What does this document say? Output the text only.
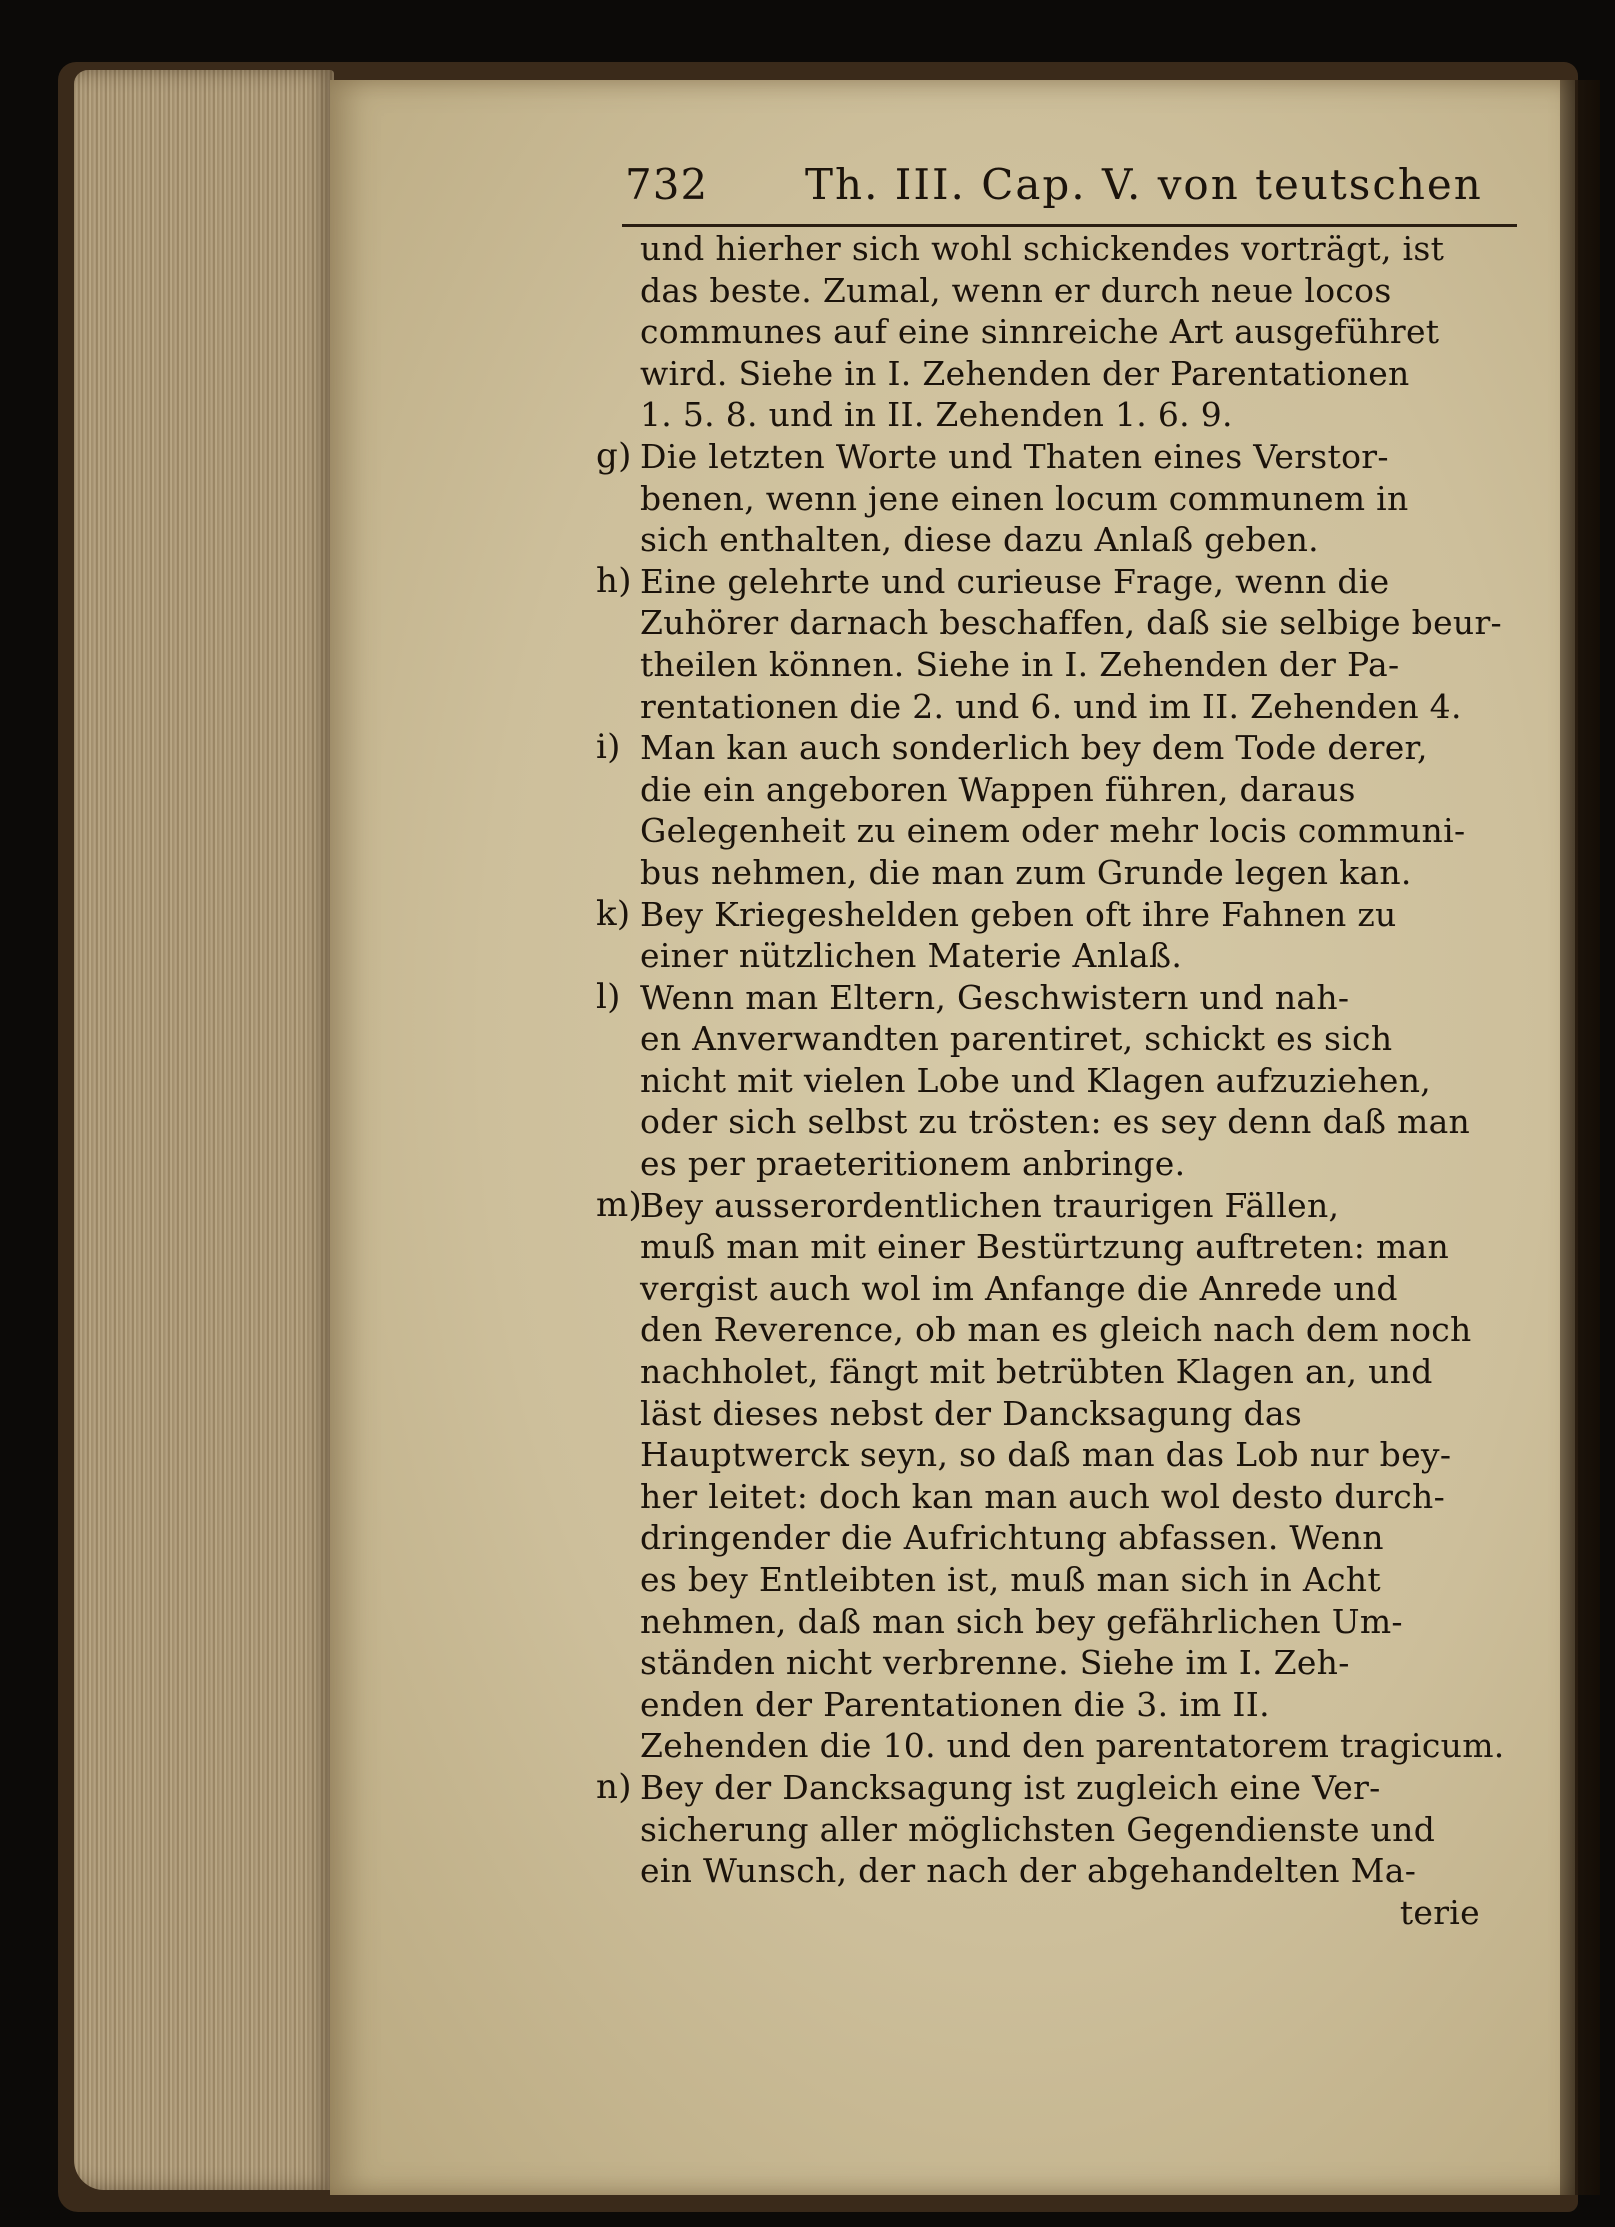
732 Th. III. Cap. V. von teutschen
und hierher sich wohl schickendes vorträgt, ist
das beste. Zumal, wenn er durch neue locos
communes auf eine sinnreiche Art ausgeführet
wird. Siehe in I. Zehenden der Parentationen
1. 5. 8. und in II. Zehenden 1. 6. 9.
g) Die letzten Worte und Thaten eines Verstor-
benen, wenn jene einen locum communem in
sich enthalten, diese dazu Anlaß geben.
h) Eine gelehrte und curieuse Frage, wenn die
Zuhörer darnach beschaffen, daß sie selbige beur-
theilen können. Siehe in I. Zehenden der Pa-
rentationen die 2. und 6. und im II. Zehenden 4.
i) Man kan auch sonderlich bey dem Tode derer,
die ein angeboren Wappen führen, daraus
Gelegenheit zu einem oder mehr locis communi-
bus nehmen, die man zum Grunde legen kan.
k) Bey Kriegeshelden geben oft ihre Fahnen zu
einer nützlichen Materie Anlaß.
l) Wenn man Eltern, Geschwistern und nah-
en Anverwandten parentiret, schickt es sich
nicht mit vielen Lobe und Klagen aufzuziehen,
oder sich selbst zu trösten: es sey denn daß man
es per praeteritionem anbringe.
m)
Bey ausserordentlichen traurigen Fällen,
muß man mit einer Bestürtzung auftreten: man
vergist auch wol im Anfange die Anrede und
den Reverence, ob man es gleich nach dem noch
nachholet, fängt mit betrübten Klagen an, und
läst dieses nebst der Dancksagung das
Hauptwerck seyn, so daß man das Lob nur bey-
her leitet: doch kan man auch wol desto durch-
dringender die Aufrichtung abfassen. Wenn
es bey Entleibten ist, muß man sich in Acht
nehmen, daß man sich bey gefährlichen Um-
ständen nicht verbrenne. Siehe im I. Zeh-
enden der Parentationen die 3. im II.
Zehenden die 10. und den parentatorem tragicum.
n) Bey der Dancksagung ist zugleich eine Ver-
sicherung aller möglichsten Gegendienste und
ein Wunsch, der nach der abgehandelten Ma-
terie
